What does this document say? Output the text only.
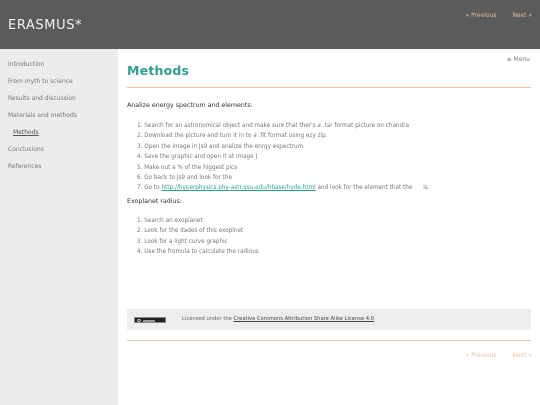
ERASMUS*
« Previous	Next »
Introduction
From myth to science
Results and discussion
Materials and methods
Methods
Conclusions
References
≡ Menu
Methods
Analize energy spectrum and elements:
1. Search for an astronomical object and make sure that ther's a .tar format picture on chandra
2. Download the picture and turn it in to a .fit format using ezy zip.
3. Open the image in Js9 and analize the enrgy espectrum
4. Save the graphic and open it at image J
5. Make out a % of the higgest pics
6. Go back to Js9 and look for the
7. Go to http://hyperphysics.phy-astr.gsu.edu/hbase/hyde.html and look for the element that the      is.
Exoplanet radius:
1. Search an exoplanet
2. Look for the dades of this exoplnet
3. Look for a light curve graphic
4. Use the fromula to calculate the radious
Licensed under the Creative Commons Attribution Share Alike License 4.0
« Previous	Next »
